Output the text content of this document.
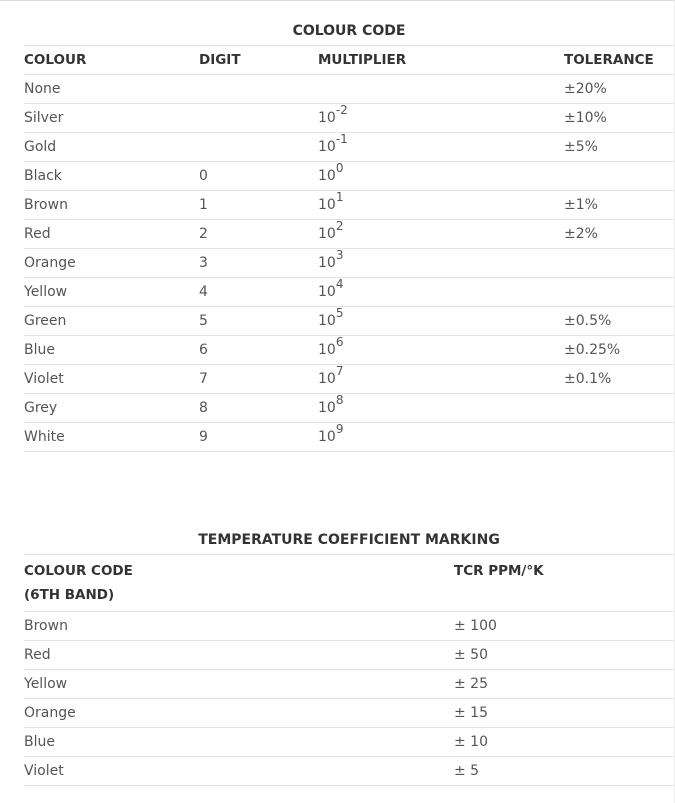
COLOUR CODE			
COLOUR	DIGIT	MULTIPLIER	TOLERANCE
None			±20%
Silver		$10^{-2}$	±10%
Gold		$10^{-1}$	±5%
Black	0	$10^0$	
Brown	1	$10^1$	±1%
Red	2	$10^2$	±2%
Orange	3	$10^3$	
Yellow	4	$10^4$	
Green	5	$10^5$	±0.5%
Blue	6	$10^6$	±0.25%
Violet	7	$10^7$	±0.1%
Grey	8	$10^8$	
White	9	$10^9$	
TEMPERATURE COEFFICIENT MARKING	

COLOUR CODE
(6TH BAND)	TCR PPM/°K

Brown	± 100
Red	± 50
Yellow	± 25
Orange	± 15
Blue	± 10
Violet	± 5
